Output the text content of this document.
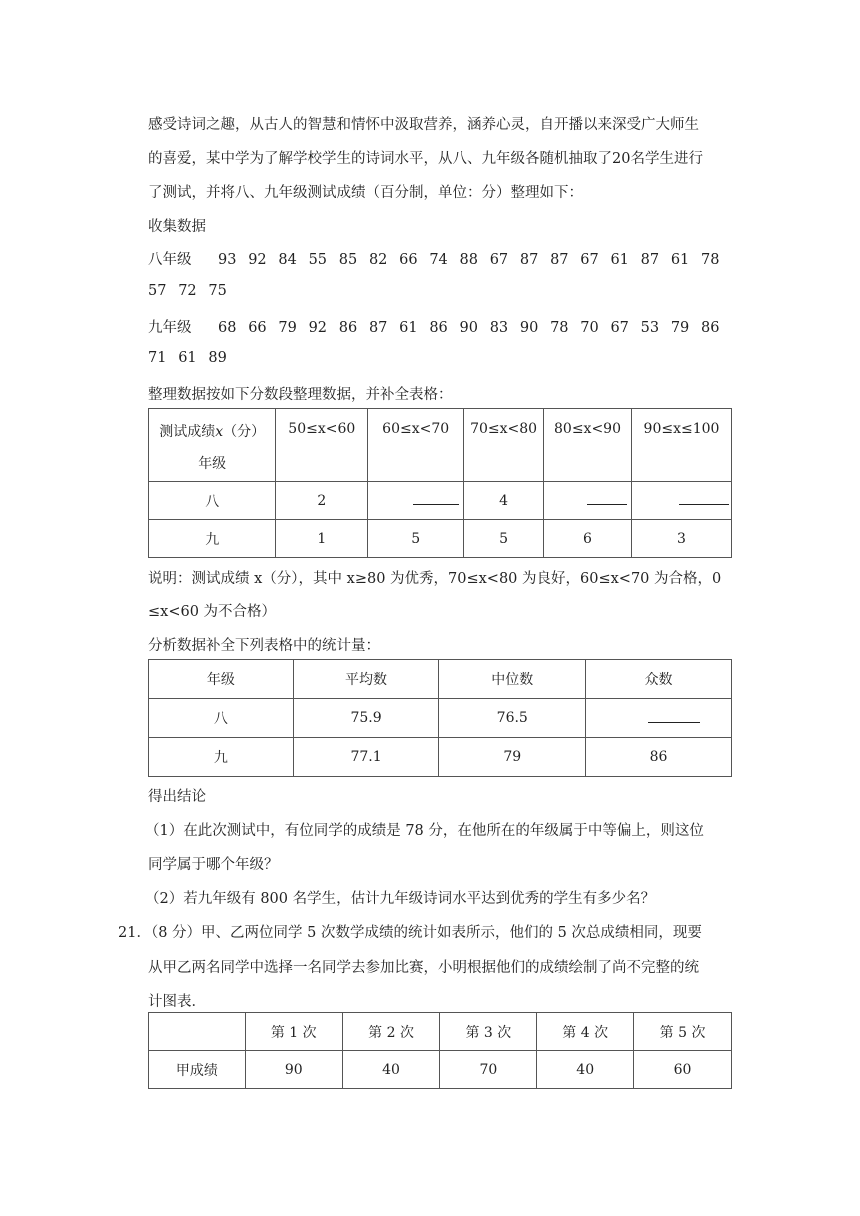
感受诗词之趣，从古人的智慧和情怀中汲取营养，涵养心灵，自开播以来深受广大师生
的喜爱，某中学为了解学校学生的诗词水平，从八、九年级各随机抽取了20名学生进行
了测试，并将八、九年级测试成绩（百分制，单位：分）整理如下：
收集数据
八年级 93 92 84 55 85 82 66 74 88 67 87 87 67 61 87 61 78
57 72 75
九年级 68 66 79 92 86 87 61 86 90 83 90 78 70 67 53 79 86
71 61 89
整理数据按如下分数段整理数据，并补全表格：
测试成绩x（分）
年级	50≤x<60	60≤x<70	70≤x<80	80≤x<90	90≤x≤100
八	2		4		
九	1	5	5	6	3
说明：测试成绩 x（分），其中 x≥80 为优秀，70≤x<80 为良好，60≤x<70 为合格，0
≤x<60 为不合格）
分析数据补全下列表格中的统计量：
年级	平均数	中位数	众数
八	75.9	76.5	
九	77.1	79	86
得出结论
（1）在此次测试中，有位同学的成绩是 78 分，在他所在的年级属于中等偏上，则这位
同学属于哪个年级？
（2）若九年级有 800 名学生，估计九年级诗词水平达到优秀的学生有多少名？
21．（8 分）甲、乙两位同学 5 次数学成绩的统计如表所示，他们的 5 次总成绩相同，现要
从甲乙两名同学中选择一名同学去参加比赛，小明根据他们的成绩绘制了尚不完整的统
计图表．
	第 1 次	第 2 次	第 3 次	第 4 次	第 5 次
甲成绩	90	40	70	40	60
